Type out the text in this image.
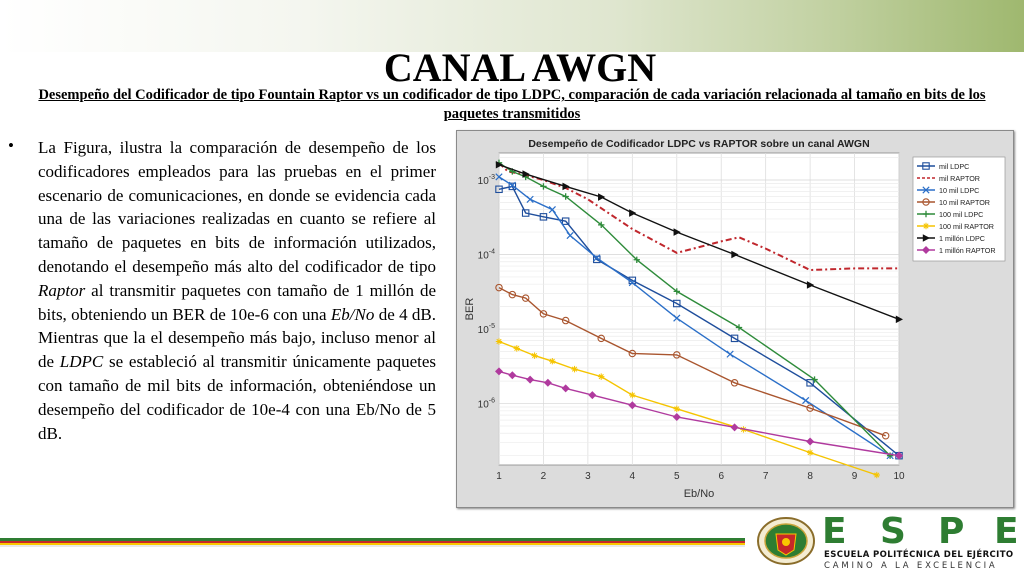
CANAL AWGN
Desempeño del Codificador de tipo Fountain Raptor vs un codificador de tipo LDPC, comparación de cada variación relacionada al tamaño en bits de los paquetes transmitidos
• La Figura, ilustra la comparación de desempeño de los codificadores empleados para las pruebas en el primer escenario de comunicaciones, en donde se evidencia cada una de las variaciones realizadas en cuanto se refiere al tamaño de paquetes en bits de información utilizados, denotando el desempeño más alto del codificador de tipo Raptor al transmitir paquetes con tamaño de 1 millón de bits, obteniendo un BER de 10e-6 con una Eb/No de 4 dB. Mientras que la el desempeño más bajo, incluso menor al de LDPC se estableció al transmitir únicamente paquetes con tamaño de mil bits de información, obteniéndose un desempeño del codificador de 10e-4 con una Eb/No de 5 dB.
Desempeño de Codificador LDPC vs RAPTOR sobre un canal AWGN
Eb/No
BER
1	2	3	4	5	6	7	8	9	10
$10^{-3}$
$10^{-4}$
$10^{-5}$
$10^{-6}$
mil LDPC
mil RAPTOR
10 mil LDPC
10 mil RAPTOR
100 mil LDPC
100 mil RAPTOR
1 millón LDPC
1 millón RAPTOR
E S P E
ESCUELA POLITÉCNICA DEL EJÉRCITO
CAMINO A LA EXCELENCIA
